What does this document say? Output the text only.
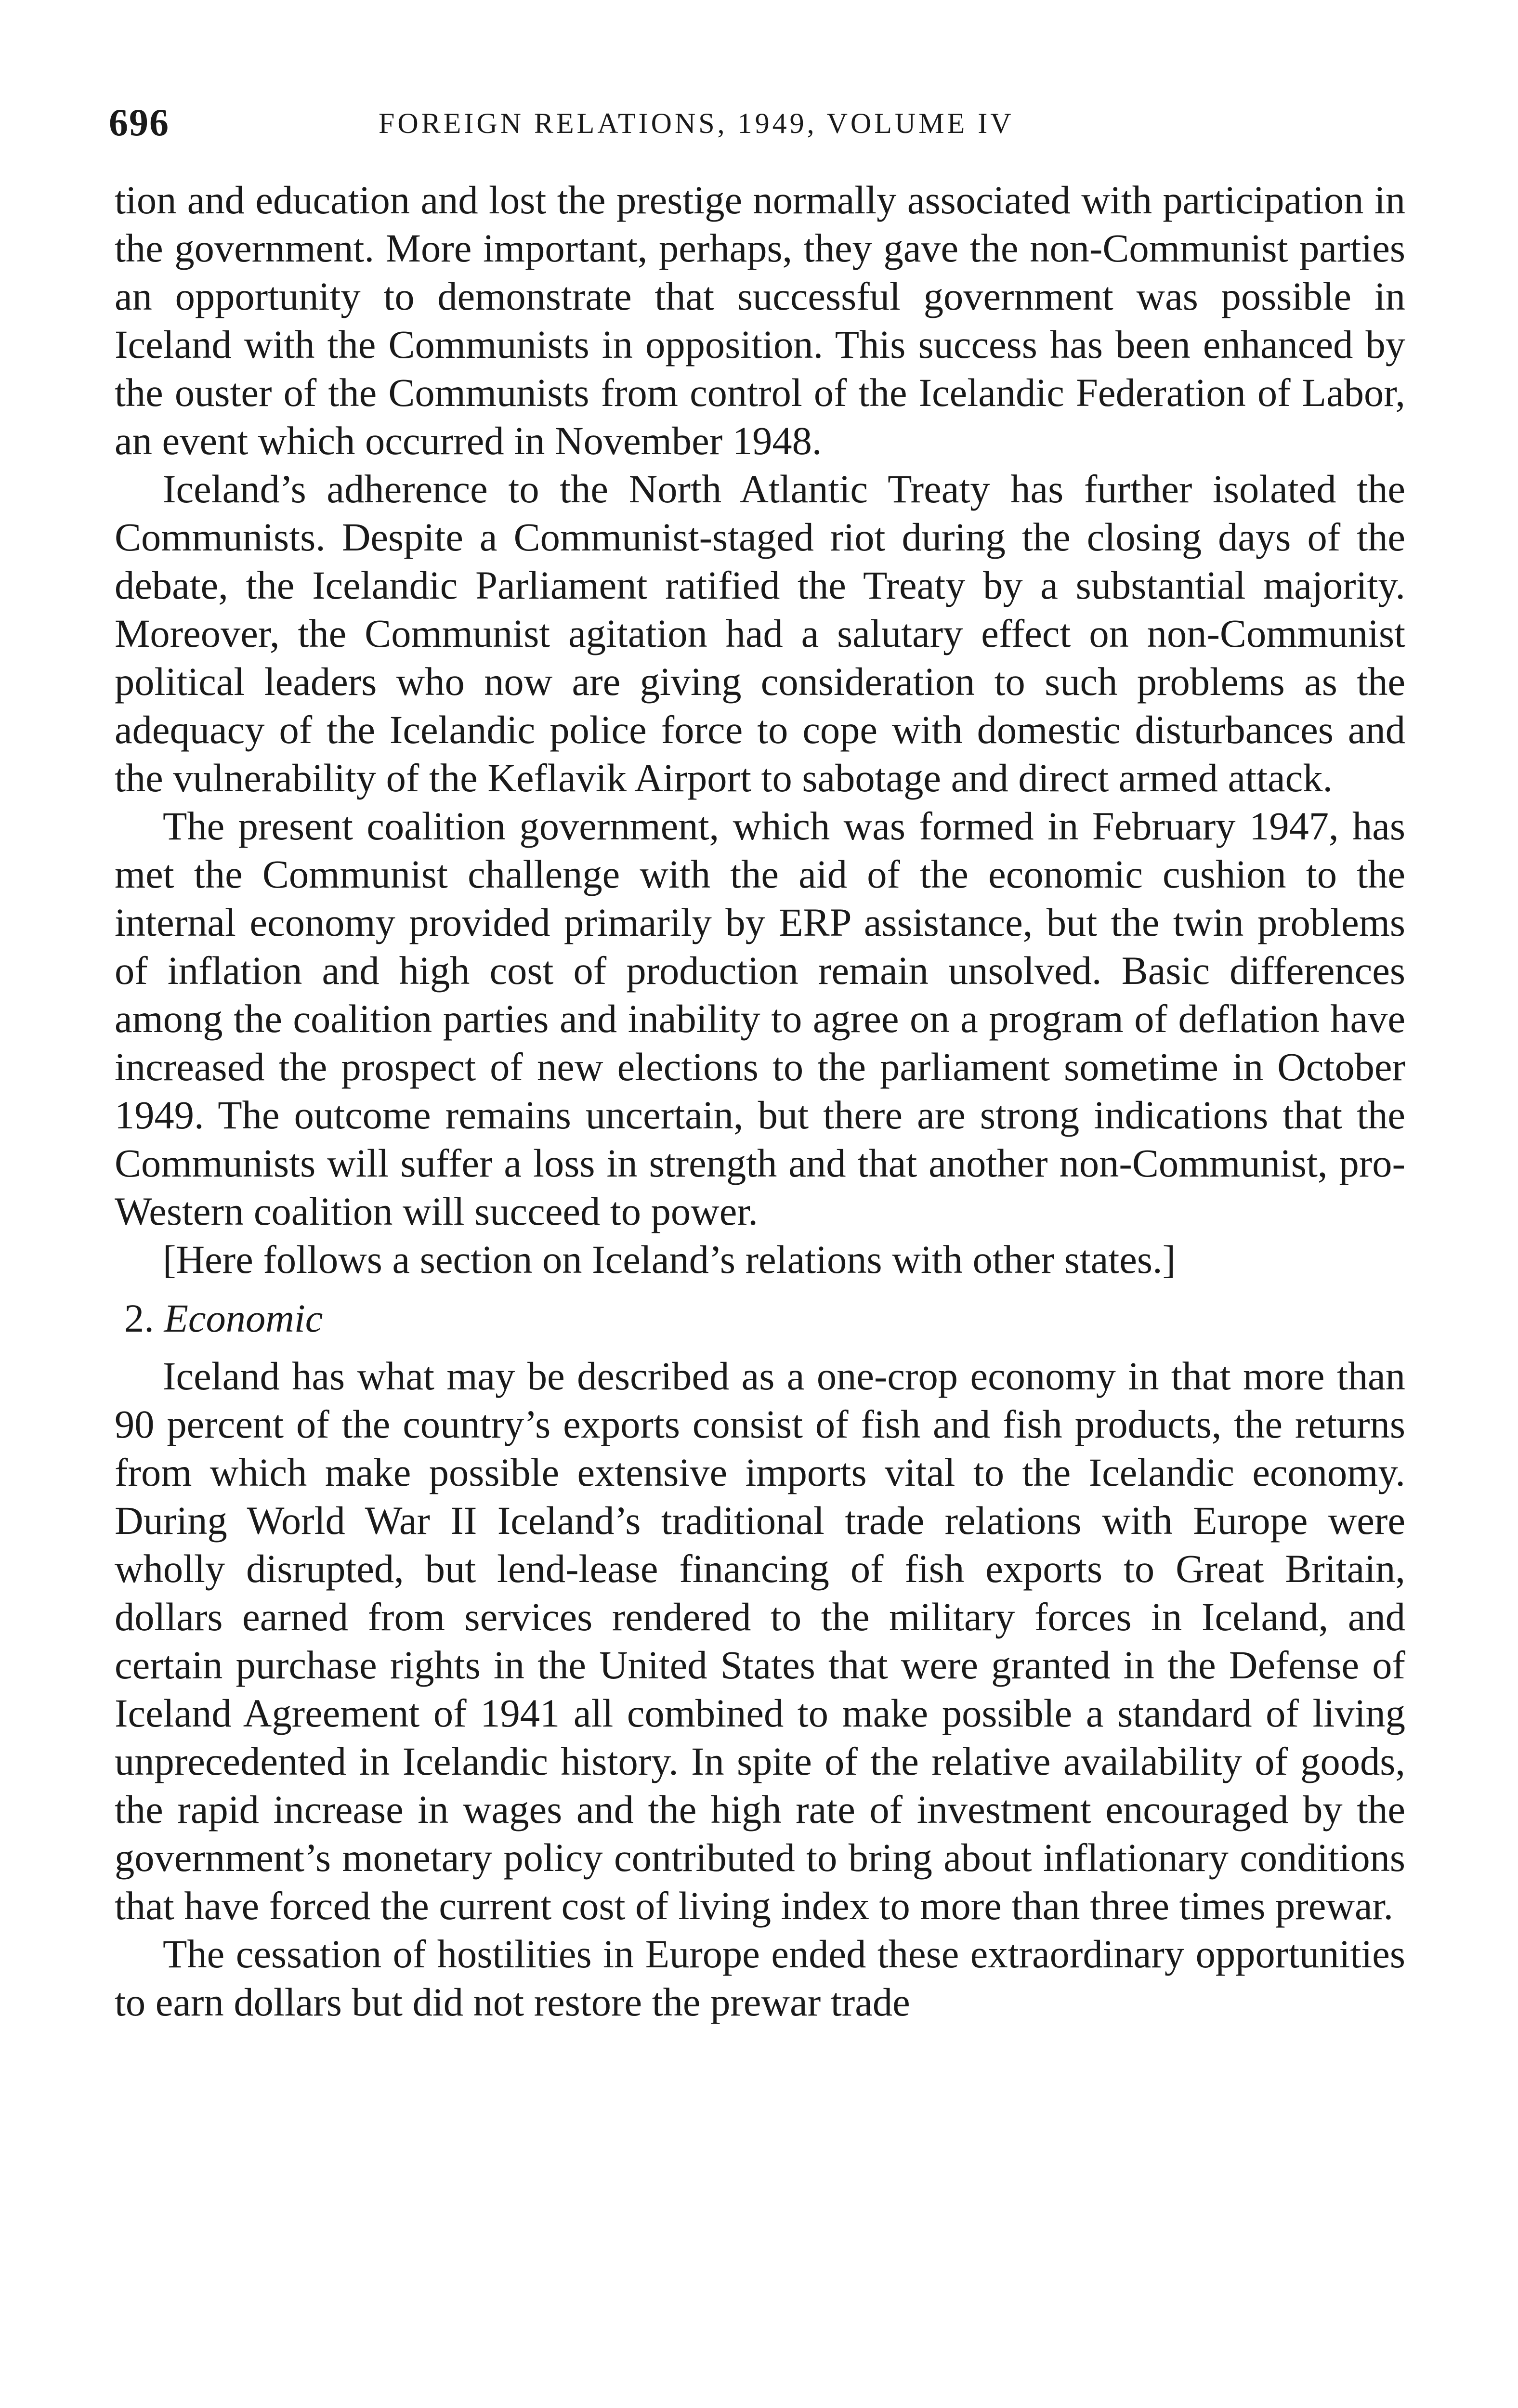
696	FOREIGN RELATIONS, 1949, VOLUME IV

tion and education and lost the prestige normally associated with participation in the government. More important, perhaps, they gave the non-Communist parties an opportunity to demonstrate that successful government was possible in Iceland with the Communists in opposition. This success has been enhanced by the ouster of the Communists from control of the Icelandic Federation of Labor, an event which occurred in November 1948.

Iceland’s adherence to the North Atlantic Treaty has further isolated the Communists. Despite a Communist-staged riot during the closing days of the debate, the Icelandic Parliament ratified the Treaty by a substantial majority. Moreover, the Communist agitation had a salutary effect on non-Communist political leaders who now are giving consideration to such problems as the adequacy of the Icelandic police force to cope with domestic disturbances and the vulnerability of the Keflavik Airport to sabotage and direct armed attack.

The present coalition government, which was formed in February 1947, has met the Communist challenge with the aid of the economic cushion to the internal economy provided primarily by ERP assistance, but the twin problems of inflation and high cost of production remain unsolved. Basic differences among the coalition parties and inability to agree on a program of deflation have increased the prospect of new elections to the parliament sometime in October 1949. The outcome remains uncertain, but there are strong indications that the Communists will suffer a loss in strength and that another non-Communist, pro-Western coalition will succeed to power.

[Here follows a section on Iceland’s relations with other states.]

2. Economic

Iceland has what may be described as a one-crop economy in that more than 90 percent of the country’s exports consist of fish and fish products, the returns from which make possible extensive imports vital to the Icelandic economy. During World War II Iceland’s traditional trade relations with Europe were wholly disrupted, but lend-lease financing of fish exports to Great Britain, dollars earned from services rendered to the military forces in Iceland, and certain purchase rights in the United States that were granted in the Defense of Iceland Agreement of 1941 all combined to make possible a standard of living unprecedented in Icelandic history. In spite of the relative availability of goods, the rapid increase in wages and the high rate of investment encouraged by the government’s monetary policy contributed to bring about inflationary conditions that have forced the current cost of living index to more than three times prewar.

The cessation of hostilities in Europe ended these extraordinary opportunities to earn dollars but did not restore the prewar trade
